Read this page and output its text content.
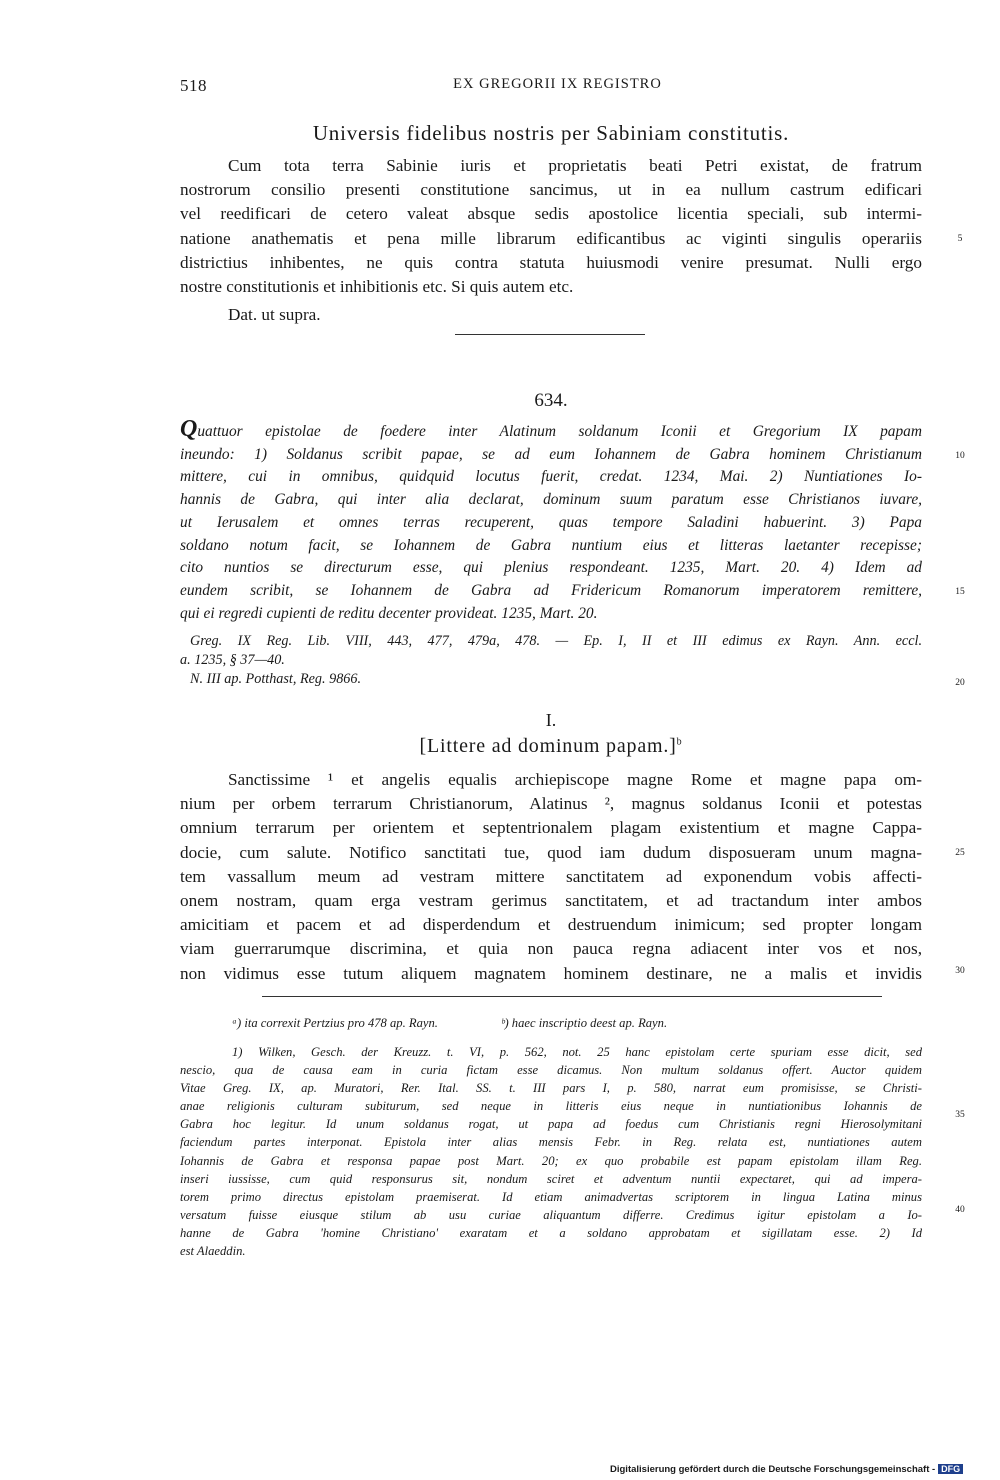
518	EX GREGORII IX REGISTRO
Universis fidelibus nostris per Sabiniam constitutis.
Cum tota terra Sabinie iuris et proprietatis beati Petri existat, de fratrum
nostrorum consilio presenti constitutione sancimus, ut in ea nullum castrum edificari
vel reedificari de cetero valeat absque sedis apostolice licentia speciali, sub intermi-
natione anathematis et pena mille librarum edificantibus ac viginti singulis operariis
districtius inhibentes, ne quis contra statuta huiusmodi venire presumat. Nulli ergo
nostre constitutionis et inhibitionis etc. Si quis autem etc.
Dat. ut supra.
634.
Quattuor epistolae de foedere inter Alatinum soldanum Iconii et Gregorium IX papam
ineundo: 1) Soldanus scribit papae, se ad eum Iohannem de Gabra hominem Christianum
mittere, cui in omnibus, quidquid locutus fuerit, credat. 1234, Mai. 2) Nuntiationes Io-
hannis de Gabra, qui inter alia declarat, dominum suum paratum esse Christianos iuvare,
ut Ierusalem et omnes terras recuperent, quas tempore Saladini habuerint. 3) Papa
soldano notum facit, se Iohannem de Gabra nuntium eius et litteras laetanter recepisse;
cito nuntios se directurum esse, qui plenius respondeant. 1235, Mart. 20. 4) Idem ad
eundem scribit, se Iohannem de Gabra ad Fridericum Romanorum imperatorem remittere,
qui ei regredi cupienti de reditu decenter provideat. 1235, Mart. 20.
Greg. IX Reg. Lib. VIII, 443, 477, 479a, 478. — Ep. I, II et III edimus ex Rayn. Ann. eccl.
a. 1235, § 37—40.
N. III ap. Potthast, Reg. 9866.
I.
[Littere ad dominum papam.]$^b$
Sanctissime ¹ et angelis equalis archiepiscope magne Rome et magne papa om-
nium per orbem terrarum Christianorum, Alatinus ², magnus soldanus Iconii et potestas
omnium terrarum per orientem et septentrionalem plagam existentium et magne Cappa-
docie, cum salute. Notifico sanctitati tue, quod iam dudum disposueram unum magna-
tem vassallum meum ad vestram mittere sanctitatem ad exponendum vobis affecti-
onem nostram, quam erga vestram gerimus sanctitatem, et ad tractandum inter ambos
amicitiam et pacem et ad disperdendum et destruendum inimicum; sed propter longam
viam guerrarumque discrimina, et quia non pauca regna adiacent inter vos et nos,
non vidimus esse tutum aliquem magnatem hominem destinare, ne a malis et invidis
ᵃ) ita correxit Pertzius pro 478 ap. Rayn.	ᵇ) haec inscriptio deest ap. Rayn.
1) Wilken, Gesch. der Kreuzz. t. VI, p. 562, not. 25 hanc epistolam certe spuriam esse dicit, sed
nescio, qua de causa eam in curia fictam esse dicamus. Non multum soldanus offert. Auctor quidem
Vitae Greg. IX, ap. Muratori, Rer. Ital. SS. t. III pars I, p. 580, narrat eum promisisse, se Christi-
anae religionis culturam subiturum, sed neque in litteris eius neque in nuntiationibus Iohannis de
Gabra hoc legitur. Id unum soldanus rogat, ut papa ad foedus cum Christianis regni Hierosolymitani
faciendum partes interponat. Epistola inter alias mensis Febr. in Reg. relata est, nuntiationes autem
Iohannis de Gabra et responsa papae post Mart. 20; ex quo probabile est papam epistolam illam Reg.
inseri iussisse, cum quid responsurus sit, nondum sciret et adventum nuntii expectaret, qui ad impera-
torem primo directus epistolam praemiserat. Id etiam animadvertas scriptorem in lingua Latina minus
versatum fuisse eiusque stilum ab usu curiae aliquantum differre. Credimus igitur epistolam a Io-
hanne de Gabra 'homine Christiano' exaratam et a soldano approbatam et sigillatam esse. 2) Id
est Alaeddin.
5
10
15
20
25
30
35
40
Digitalisierung gefördert durch die Deutsche Forschungsgemeinschaft - DFG
